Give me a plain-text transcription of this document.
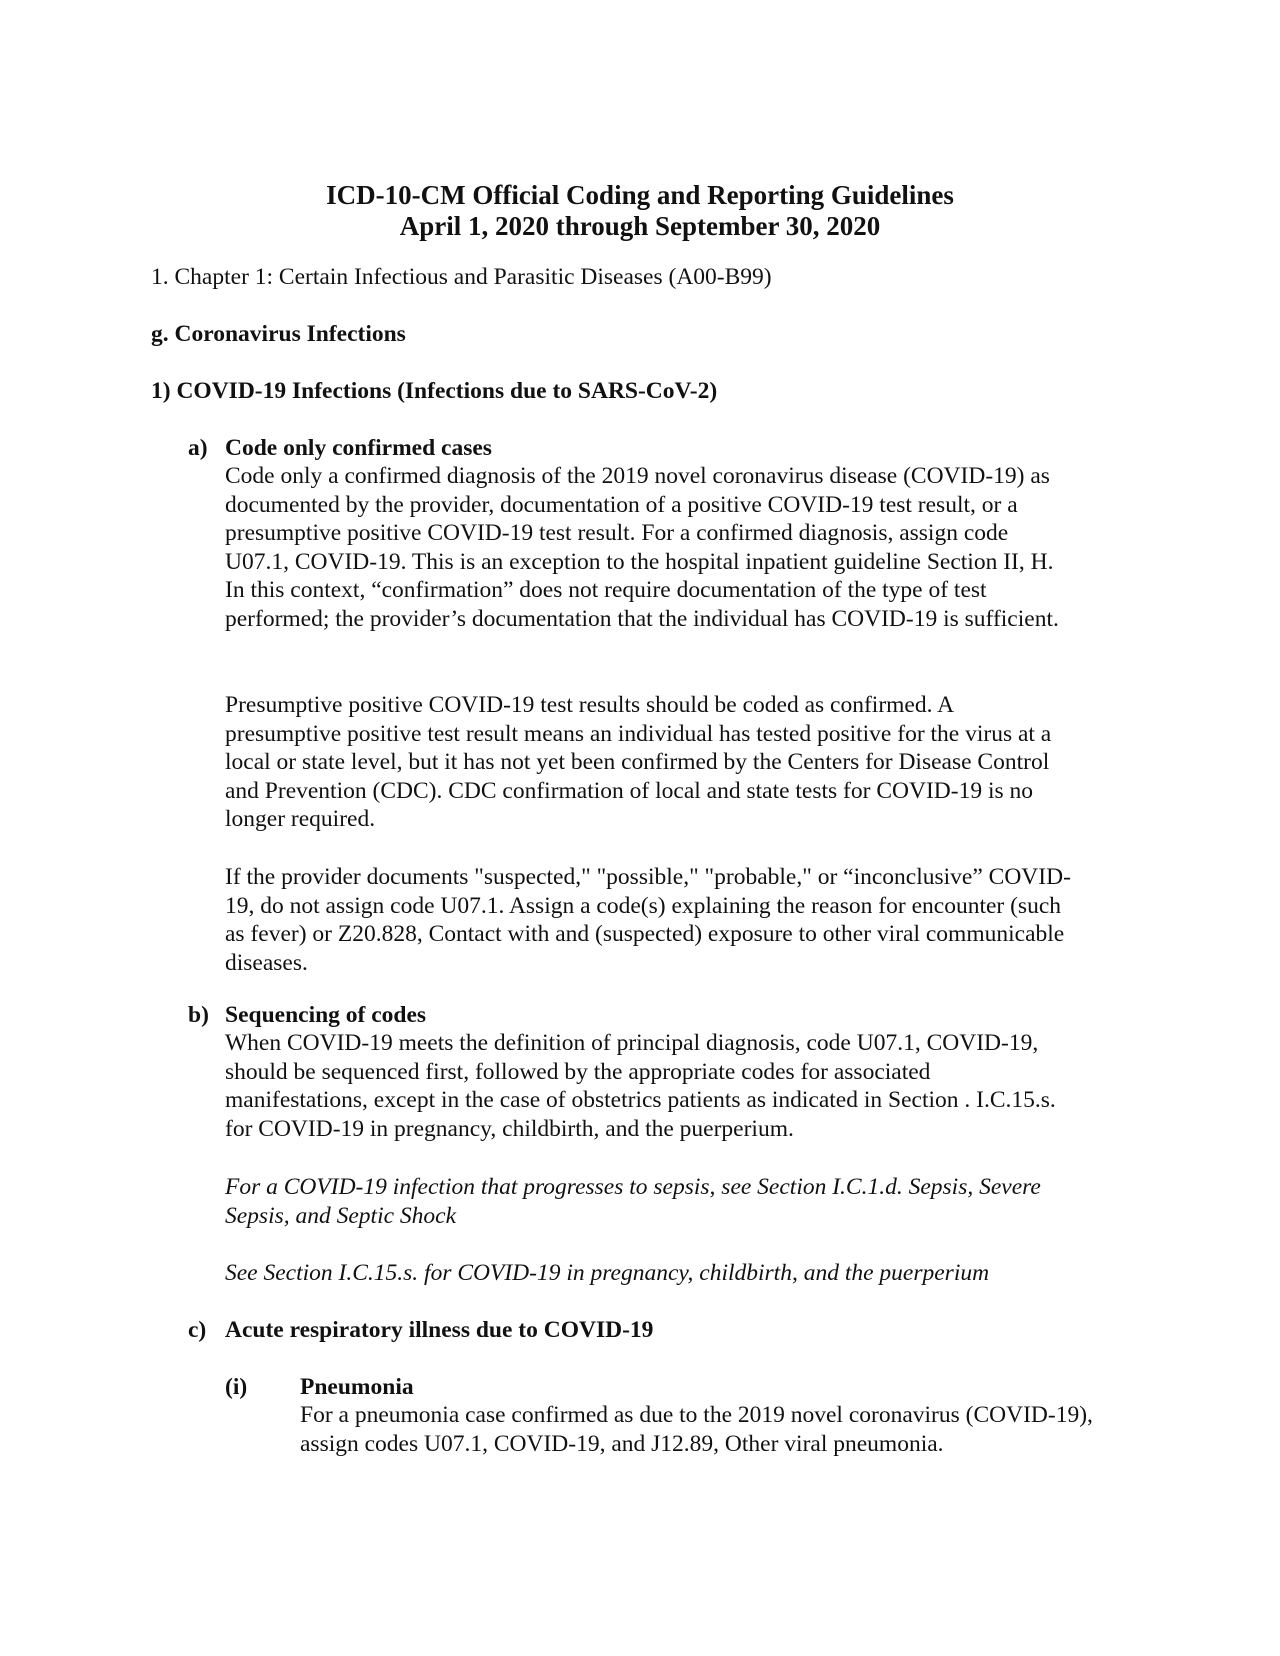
ICD-10-CM Official Coding and Reporting Guidelines
April 1, 2020 through September 30, 2020

1. Chapter 1: Certain Infectious and Parasitic Diseases (A00-B99)

g. Coronavirus Infections

1) COVID-19 Infections (Infections due to SARS-CoV-2)

a) Code only confirmed cases

Code only a confirmed diagnosis of the 2019 novel coronavirus disease (COVID-19) as
documented by the provider, documentation of a positive COVID-19 test result, or a
presumptive positive COVID-19 test result. For a confirmed diagnosis, assign code
U07.1, COVID-19. This is an exception to the hospital inpatient guideline Section II, H.
In this context, “confirmation” does not require documentation of the type of test
performed; the provider’s documentation that the individual has COVID-19 is sufficient.

Presumptive positive COVID-19 test results should be coded as confirmed. A
presumptive positive test result means an individual has tested positive for the virus at a
local or state level, but it has not yet been confirmed by the Centers for Disease Control
and Prevention (CDC). CDC confirmation of local and state tests for COVID-19 is no
longer required.

If the provider documents "suspected," "possible," "probable," or “inconclusive” COVID-
19, do not assign code U07.1. Assign a code(s) explaining the reason for encounter (such
as fever) or Z20.828, Contact with and (suspected) exposure to other viral communicable
diseases.

b) Sequencing of codes

When COVID-19 meets the definition of principal diagnosis, code U07.1, COVID-19,
should be sequenced first, followed by the appropriate codes for associated
manifestations, except in the case of obstetrics patients as indicated in Section . I.C.15.s.
for COVID-19 in pregnancy, childbirth, and the puerperium.

For a COVID-19 infection that progresses to sepsis, see Section I.C.1.d. Sepsis, Severe
Sepsis, and Septic Shock

See Section I.C.15.s. for COVID-19 in pregnancy, childbirth, and the puerperium

c) Acute respiratory illness due to COVID-19

(i) Pneumonia

For a pneumonia case confirmed as due to the 2019 novel coronavirus (COVID-19),
assign codes U07.1, COVID-19, and J12.89, Other viral pneumonia.
